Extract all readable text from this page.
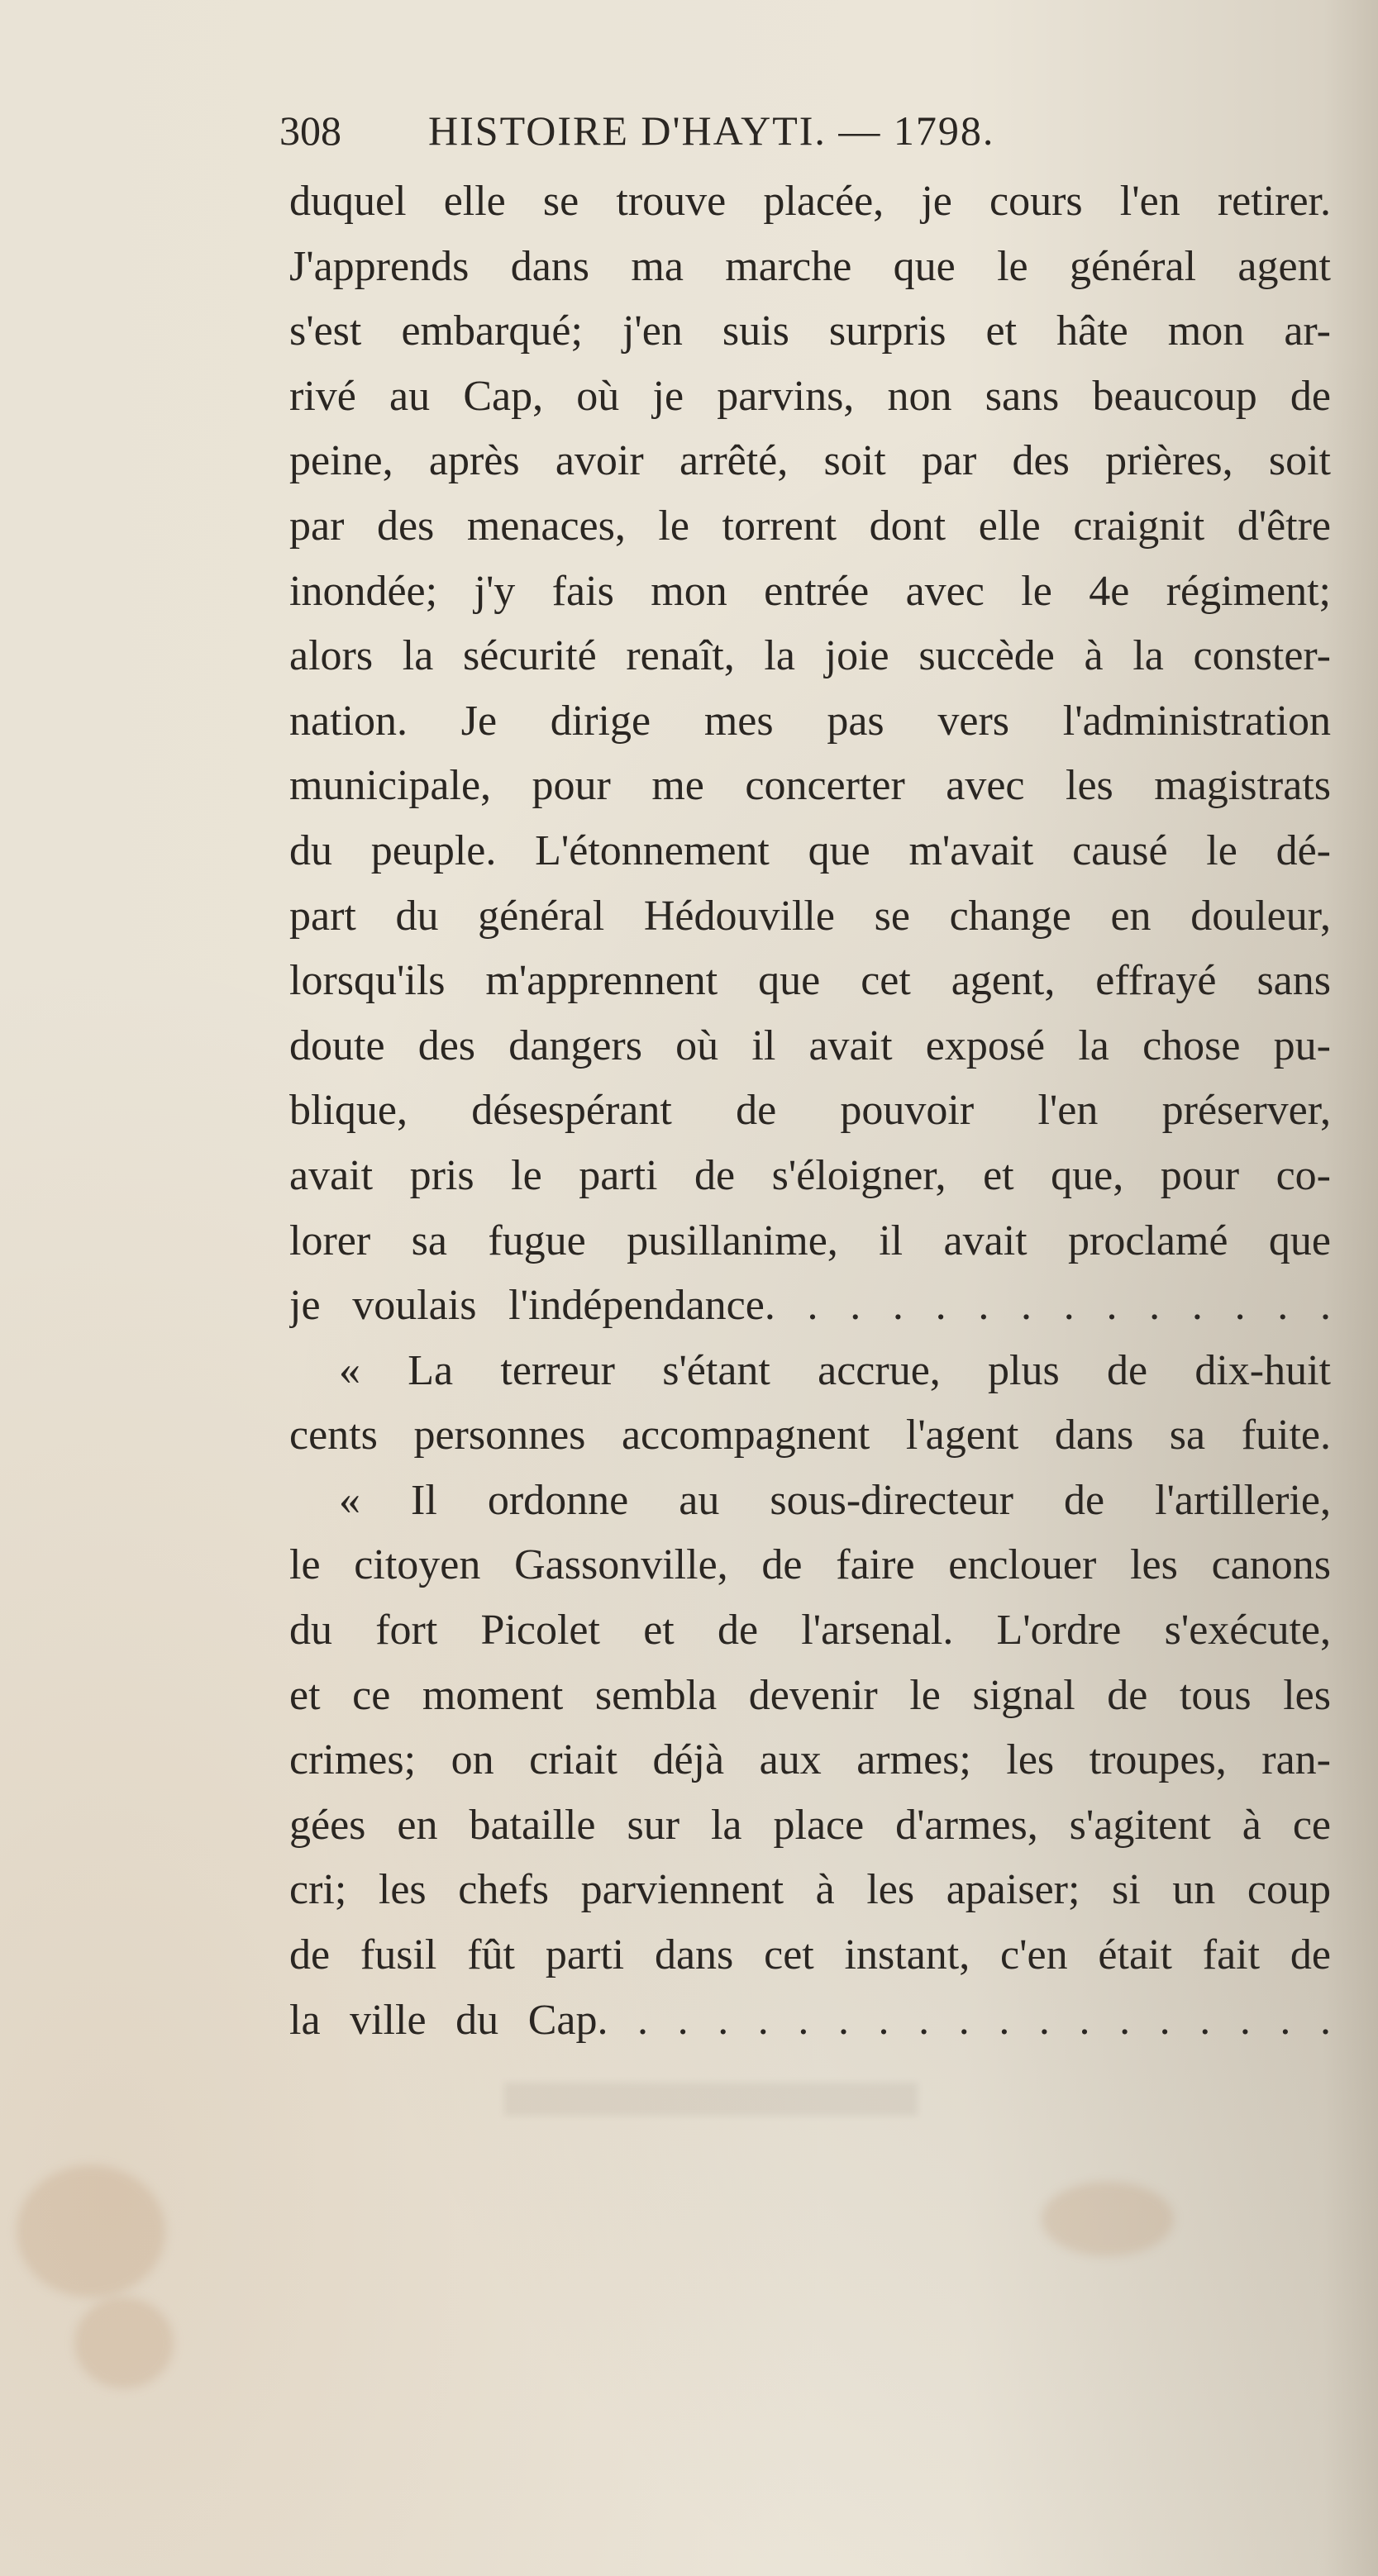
308 HISTOIRE D'HAYTI. — 1798.
duquel elle se trouve placée, je cours l'en retirer.
J'apprends dans ma marche que le général agent
s'est embarqué; j'en suis surpris et hâte mon ar-
rivé au Cap, où je parvins, non sans beaucoup de
peine, après avoir arrêté, soit par des prières, soit
par des menaces, le torrent dont elle craignit d'être
inondée; j'y fais mon entrée avec le 4e régiment;
alors la sécurité renaît, la joie succède à la conster-
nation. Je dirige mes pas vers l'administration
municipale, pour me concerter avec les magistrats
du peuple. L'étonnement que m'avait causé le dé-
part du général Hédouville se change en douleur,
lorsqu'ils m'apprennent que cet agent, effrayé sans
doute des dangers où il avait exposé la chose pu-
blique, désespérant de pouvoir l'en préserver,
avait pris le parti de s'éloigner, et que, pour co-
lorer sa fugue pusillanime, il avait proclamé que
je voulais l'indépendance. . . . . . . . . . . . . .
« La terreur s'étant accrue, plus de dix-huit
cents personnes accompagnent l'agent dans sa fuite.
« Il ordonne au sous-directeur de l'artillerie,
le citoyen Gassonville, de faire enclouer les canons
du fort Picolet et de l'arsenal. L'ordre s'exécute,
et ce moment sembla devenir le signal de tous les
crimes; on criait déjà aux armes; les troupes, ran-
gées en bataille sur la place d'armes, s'agitent à ce
cri; les chefs parviennent à les apaiser; si un coup
de fusil fût parti dans cet instant, c'en était fait de
la ville du Cap. . . . . . . . . . . . . . . . . . .
